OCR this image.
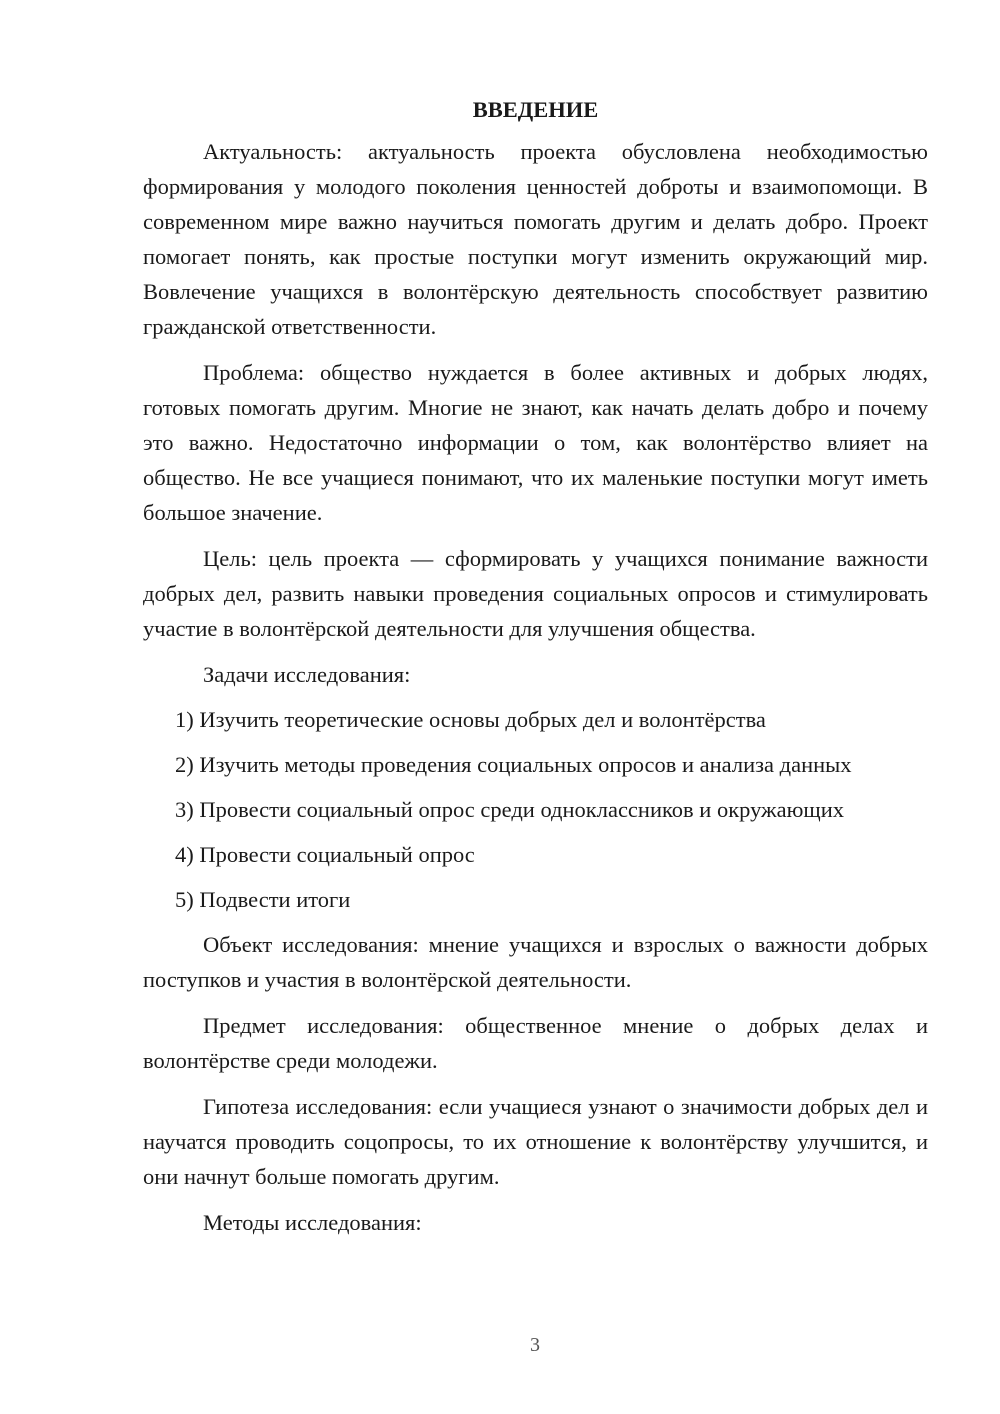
ВВЕДЕНИЕ

Актуальность: актуальность проекта обусловлена необходимостью формирования у молодого поколения ценностей доброты и взаимопомощи. В современном мире важно научиться помогать другим и делать добро. Проект помогает понять, как простые поступки могут изменить окружающий мир. Вовлечение учащихся в волонтёрскую деятельность способствует развитию гражданской ответственности.

Проблема: общество нуждается в более активных и добрых людях, готовых помогать другим. Многие не знают, как начать делать добро и почему это важно. Недостаточно информации о том, как волонтёрство влияет на общество. Не все учащиеся понимают, что их маленькие поступки могут иметь большое значение.

Цель: цель проекта — сформировать у учащихся понимание важности добрых дел, развить навыки проведения социальных опросов и стимулировать участие в волонтёрской деятельности для улучшения общества.

Задачи исследования:

1) Изучить теоретические основы добрых дел и волонтёрства
2) Изучить методы проведения социальных опросов и анализа данных
3) Провести социальный опрос среди одноклассников и окружающих
4) Провести социальный опрос
5) Подвести итоги

Объект исследования: мнение учащихся и взрослых о важности добрых поступков и участия в волонтёрской деятельности.

Предмет исследования: общественное мнение о добрых делах и волонтёрстве среди молодежи.

Гипотеза исследования: если учащиеся узнают о значимости добрых дел и научатся проводить соцопросы, то их отношение к волонтёрству улучшится, и они начнут больше помогать другим.

Методы исследования:

3
